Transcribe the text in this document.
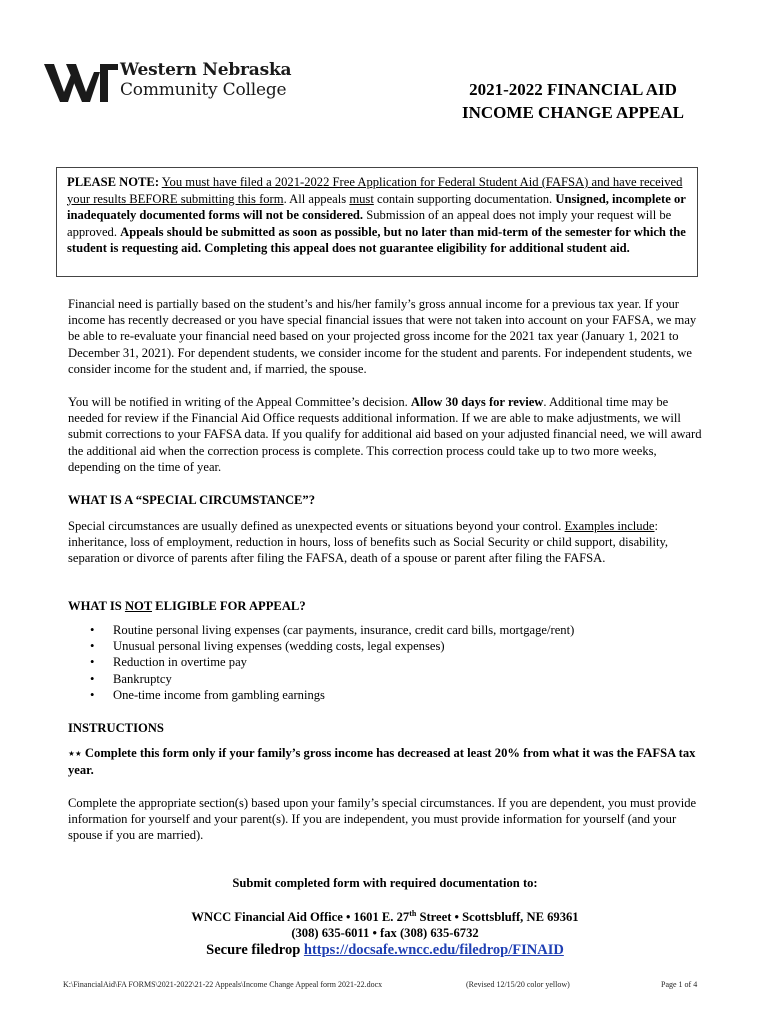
Western Nebraska
Community College	2021-2022 FINANCIAL AID
INCOME CHANGE APPEAL
PLEASE NOTE: You must have filed a 2021-2022 Free Application for Federal Student Aid (FAFSA) and have received your results BEFORE submitting this form. All appeals must contain supporting documentation. Unsigned, incomplete or inadequately documented forms will not be considered. Submission of an appeal does not imply your request will be approved. Appeals should be submitted as soon as possible, but no later than mid-term of the semester for which the student is requesting aid. Completing this appeal does not guarantee eligibility for additional student aid.
Financial need is partially based on the student’s and his/her family’s gross annual income for a previous tax year. If your income has recently decreased or you have special financial issues that were not taken into account on your FAFSA, we may be able to re-evaluate your financial need based on your projected gross income for the 2021 tax year (January 1, 2021 to December 31, 2021). For dependent students, we consider income for the student and parents. For independent students, we consider income for the student and, if married, the spouse.
You will be notified in writing of the Appeal Committee’s decision. Allow 30 days for review. Additional time may be needed for review if the Financial Aid Office requests additional information. If we are able to make adjustments, we will submit corrections to your FAFSA data. If you qualify for additional aid based on your adjusted financial need, we will award the additional aid when the correction process is complete. This correction process could take up to two more weeks, depending on the time of year.
WHAT IS A “SPECIAL CIRCUMSTANCE”?
Special circumstances are usually defined as unexpected events or situations beyond your control. Examples include: inheritance, loss of employment, reduction in hours, loss of benefits such as Social Security or child support, disability, separation or divorce of parents after filing the FAFSA, death of a spouse or parent after filing the FAFSA.
WHAT IS NOT ELIGIBLE FOR APPEAL?
• Routine personal living expenses (car payments, insurance, credit card bills, mortgage/rent)
• Unusual personal living expenses (wedding costs, legal expenses)
• Reduction in overtime pay
• Bankruptcy
• One-time income from gambling earnings
INSTRUCTIONS
⋆⋆ Complete this form only if your family’s gross income has decreased at least 20% from what it was the FAFSA tax year.
Complete the appropriate section(s) based upon your family’s special circumstances. If you are dependent, you must provide information for yourself and your parent(s). If you are independent, you must provide information for yourself (and your spouse if you are married).
Submit completed form with required documentation to:
WNCC Financial Aid Office • 1601 E. 27th Street • Scottsbluff, NE 69361
(308) 635-6011 • fax (308) 635-6732
Secure filedrop https://docsafe.wncc.edu/filedrop/FINAID
K:\FinancialAid\FA FORMS\2021-2022\21-22 Appeals\Income Change Appeal form 2021-22.docx	(Revised 12/15/20 color yellow)	Page 1 of 4
